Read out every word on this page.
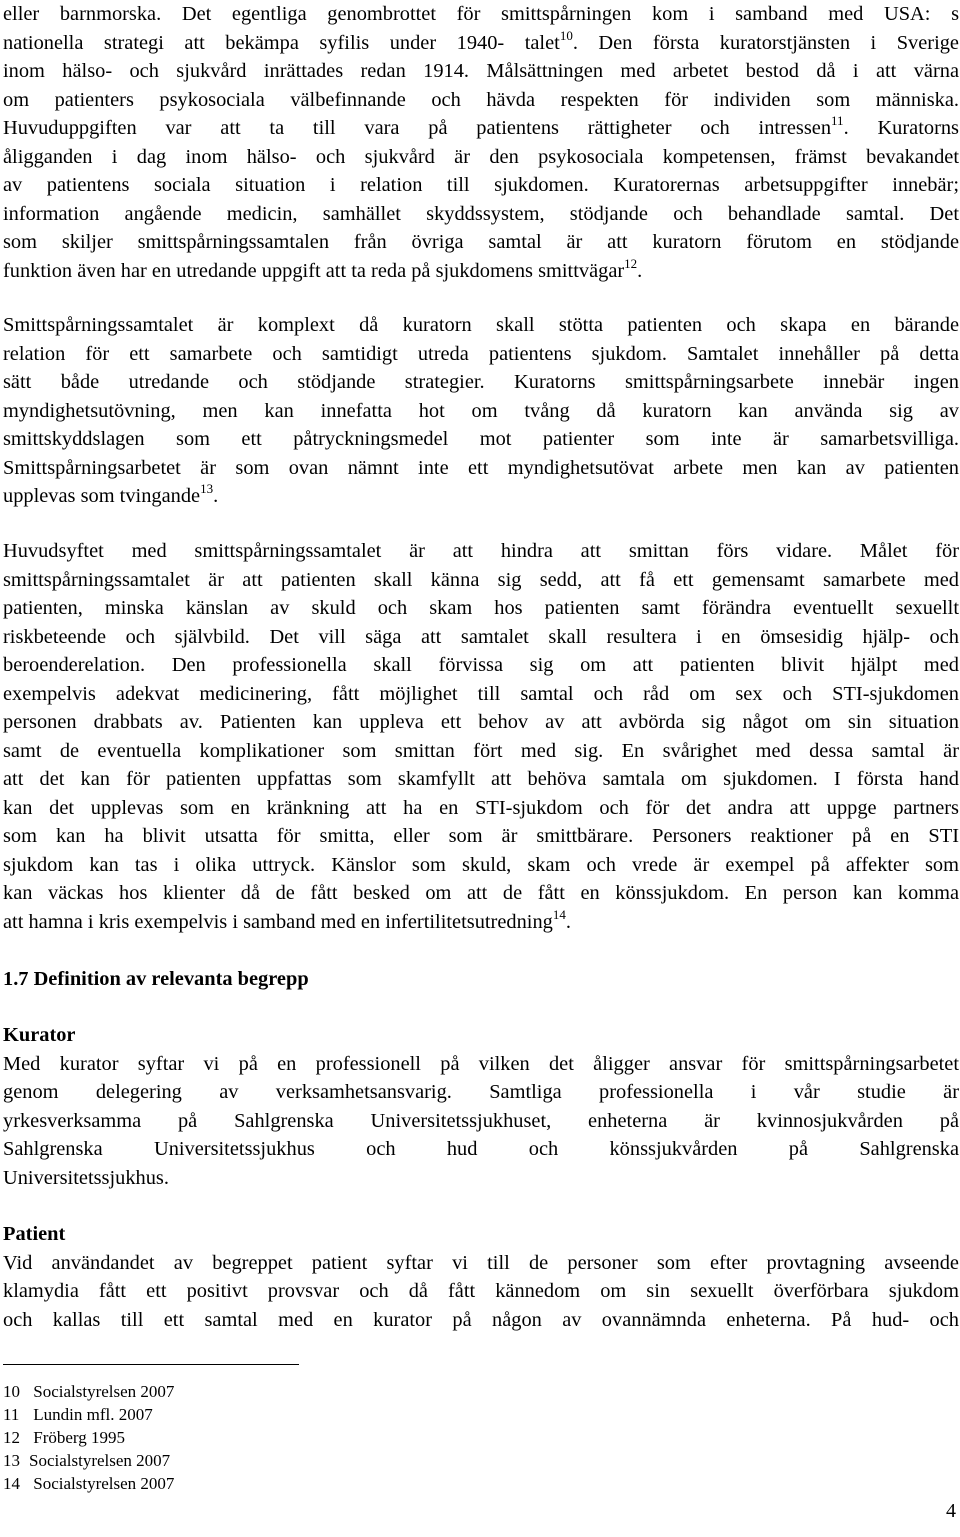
eller barnmorska. Det egentliga genombrottet för smittspårningen kom i samband med USA: s
nationella strategi att bekämpa syfilis under 1940- talet$^{10}$. Den första kuratorstjänsten i Sverige
inom hälso- och sjukvård inrättades redan 1914. Målsättningen med arbetet bestod då i att värna
om patienters psykosociala välbefinnande och hävda respekten för individen som människa.
Huvuduppgiften var att ta till vara på patientens rättigheter och intressen$^{11}$. Kuratorns
åligganden i dag inom hälso- och sjukvård är den psykosociala kompetensen, främst bevakandet
av patientens sociala situation i relation till sjukdomen. Kuratorernas arbetsuppgifter innebär;
information angående medicin, samhället skyddssystem, stödjande och behandlade samtal. Det
som skiljer smittspårningssamtalen från övriga samtal är att kuratorn förutom en stödjande
funktion även har en utredande uppgift att ta reda på sjukdomens smittvägar$^{12}$.
Smittspårningssamtalet är komplext då kuratorn skall stötta patienten och skapa en bärande
relation för ett samarbete och samtidigt utreda patientens sjukdom. Samtalet innehåller på detta
sätt både utredande och stödjande strategier. Kuratorns smittspårningsarbete innebär ingen
myndighetsutövning, men kan innefatta hot om tvång då kuratorn kan använda sig av
smittskyddslagen som ett påtryckningsmedel mot patienter som inte är samarbetsvilliga.
Smittspårningsarbetet är som ovan nämnt inte ett myndighetsutövat arbete men kan av patienten
upplevas som tvingande$^{13}$.
Huvudsyftet med smittspårningssamtalet är att hindra att smittan förs vidare. Målet för
smittspårningssamtalet är att patienten skall känna sig sedd, att få ett gemensamt samarbete med
patienten, minska känslan av skuld och skam hos patienten samt förändra eventuellt sexuellt
riskbeteende och självbild. Det vill säga att samtalet skall resultera i en ömsesidig hjälp- och
beroenderelation. Den professionella skall förvissa sig om att patienten blivit hjälpt med
exempelvis adekvat medicinering, fått möjlighet till samtal och råd om sex och STI-sjukdomen
personen drabbats av. Patienten kan uppleva ett behov av att avbörda sig något om sin situation
samt de eventuella komplikationer som smittan fört med sig. En svårighet med dessa samtal är
att det kan för patienten uppfattas som skamfyllt att behöva samtala om sjukdomen. I första hand
kan det upplevas som en kränkning att ha en STI-sjukdom och för det andra att uppge partners
som kan ha blivit utsatta för smitta, eller som är smittbärare. Personers reaktioner på en STI
sjukdom kan tas i olika uttryck. Känslor som skuld, skam och vrede är exempel på affekter som
kan väckas hos klienter då de fått besked om att de fått en könssjukdom. En person kan komma
att hamna i kris exempelvis i samband med en infertilitetsutredning$^{14}$.
1.7 Definition av relevanta begrepp
Kurator
Med kurator syftar vi på en professionell på vilken det åligger ansvar för smittspårningsarbetet
genom delegering av verksamhetsansvarig. Samtliga professionella i vår studie är
yrkesverksamma på Sahlgrenska Universitetssjukhuset, enheterna är kvinnosjukvården på
Sahlgrenska Universitetssjukhus och hud och könssjukvården på Sahlgrenska
Universitetssjukhus.
Patient
Vid användandet av begreppet patient syftar vi till de personer som efter provtagning avseende
klamydia fått ett positivt provsvar och då fått kännedom om sin sexuellt överförbara sjukdom
och kallas till ett samtal med en kurator på någon av ovannämnda enheterna. På hud- och
10 Socialstyrelsen 2007
11 Lundin mfl. 2007
12 Fröberg 1995
13 Socialstyrelsen 2007
14 Socialstyrelsen 2007
4
